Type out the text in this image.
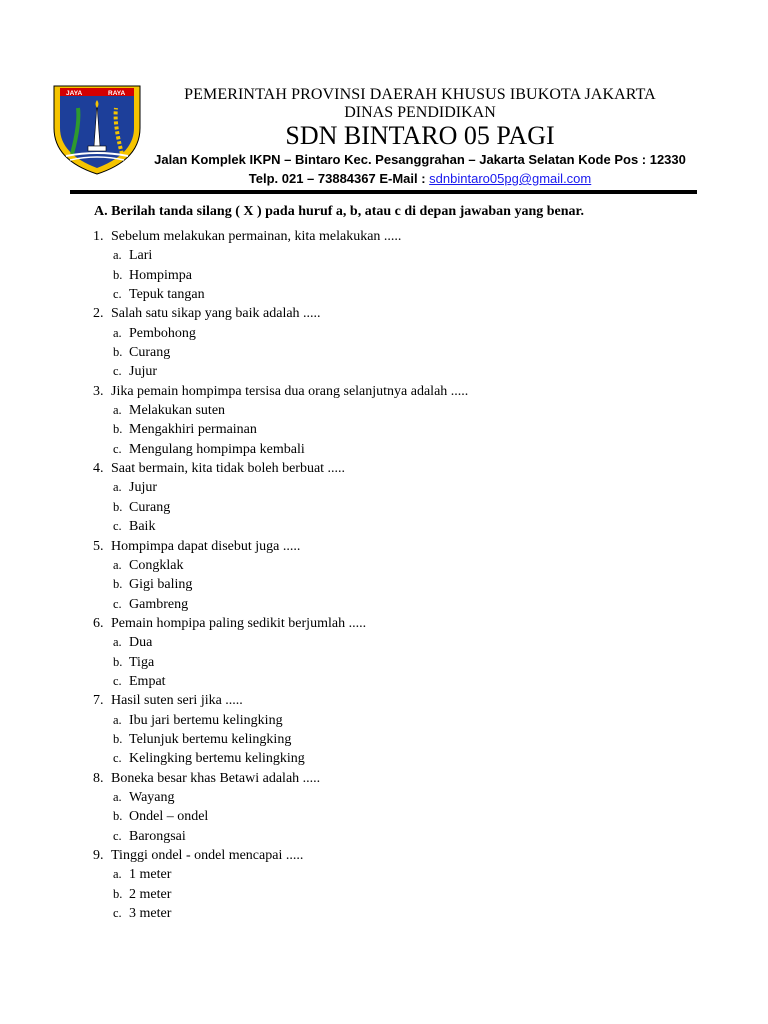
JAYA	RAYA	PEMERINTAH PROVINSI DAERAH KHUSUS IBUKOTA JAKARTA
DINAS PENDIDIKAN
SDN BINTARO 05 PAGI
Jalan Komplek IKPN – Bintaro Kec. Pesanggrahan – Jakarta Selatan Kode Pos : 12330
Telp. 021 – 73884367 E-Mail : sdnbintaro05pg@gmail.com
A. Berilah tanda silang ( X ) pada huruf a, b, atau c di depan jawaban yang benar.
1. Sebelum melakukan permainan, kita melakukan .....
a. Lari
b. Hompimpa
c. Tepuk tangan
2. Salah satu sikap yang baik adalah .....
a. Pembohong
b. Curang
c. Jujur
3. Jika pemain hompimpa tersisa dua orang selanjutnya adalah .....
a. Melakukan suten
b. Mengakhiri permainan
c. Mengulang hompimpa kembali
4. Saat bermain, kita tidak boleh berbuat .....
a. Jujur
b. Curang
c. Baik
5. Hompimpa dapat disebut juga .....
a. Congklak
b. Gigi baling
c. Gambreng
6. Pemain hompipa paling sedikit berjumlah .....
a. Dua
b. Tiga
c. Empat
7. Hasil suten seri jika .....
a. Ibu jari bertemu kelingking
b. Telunjuk bertemu kelingking
c. Kelingking bertemu kelingking
8. Boneka besar khas Betawi adalah .....
a. Wayang
b. Ondel – ondel
c. Barongsai
9. Tinggi ondel - ondel mencapai .....
a. 1 meter
b. 2 meter
c. 3 meter
